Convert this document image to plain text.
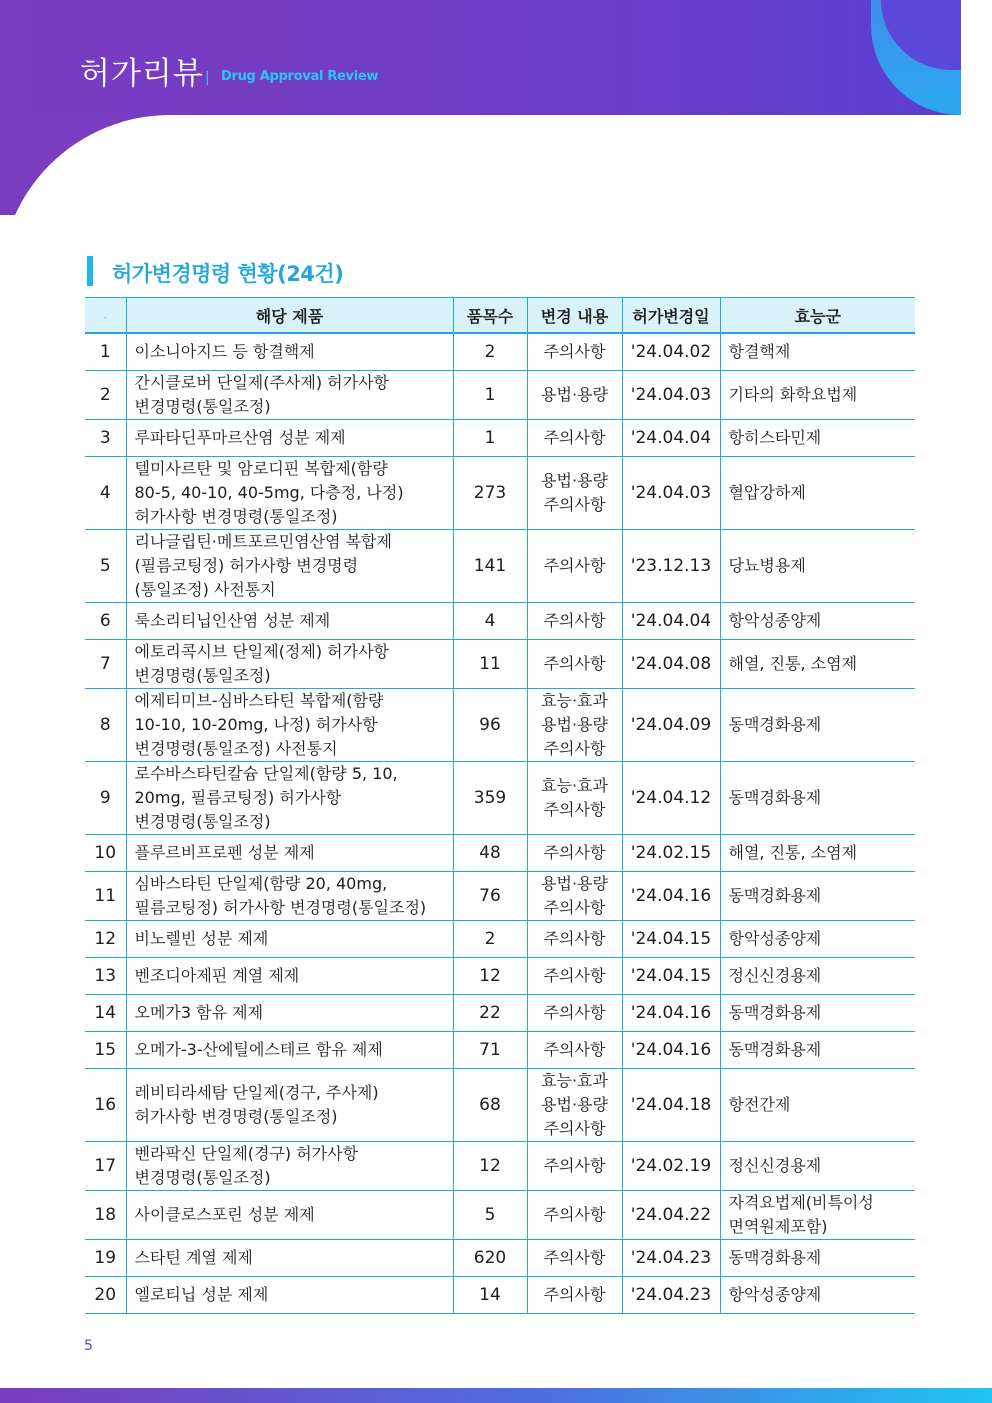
허가리뷰 | Drug Approval Review
허가변경명령 현황(24건)
·	해당 제품	품목수	변경 내용	허가변경일	효능군
1	이소니아지드 등 항결핵제	2	주의사항	'24.04.02	항결핵제

2	간시클로버 단일제(주사제) 허가사항
변경명령(통일조정)	1	용법·용량	'24.04.03	기타의 화학요법제

3	루파타딘푸마르산염 성분 제제	1	주의사항	'24.04.04	항히스타민제

4	텔미사르탄 및 암로디핀 복합제(함량
80-5, 40-10, 40-5mg, 다층정, 나정)
허가사항 변경명령(통일조정)	273	용법·용량
주의사항	'24.04.03	혈압강하제

5	리나글립틴·메트포르민염산염 복합제
(필름코팅정) 허가사항 변경명령
(통일조정) 사전통지	141	주의사항	'23.12.13	당뇨병용제

6	룩소리티닙인산염 성분 제제	4	주의사항	'24.04.04	항악성종양제

7	에토리콕시브 단일제(정제) 허가사항
변경명령(통일조정)	11	주의사항	'24.04.08	해열, 진통, 소염제

8	에제티미브-심바스타틴 복합제(함량
10-10, 10-20mg, 나정) 허가사항
변경명령(통일조정) 사전통지	96	효능·효과
용법·용량
주의사항	'24.04.09	동맥경화용제

9	로수바스타틴칼슘 단일제(함량 5, 10,
20mg, 필름코팅정) 허가사항
변경명령(통일조정)	359	효능·효과
주의사항	'24.04.12	동맥경화용제

10	플루르비프로펜 성분 제제	48	주의사항	'24.02.15	해열, 진통, 소염제

11	심바스타틴 단일제(함량 20, 40mg,
필름코팅정) 허가사항 변경명령(통일조정)	76	용법·용량
주의사항	'24.04.16	동맥경화용제

12	비노렐빈 성분 제제	2	주의사항	'24.04.15	항악성종양제

13	벤조디아제핀 계열 제제	12	주의사항	'24.04.15	정신신경용제

14	오메가3 함유 제제	22	주의사항	'24.04.16	동맥경화용제

15	오메가-3-산에틸에스테르 함유 제제	71	주의사항	'24.04.16	동맥경화용제

16	레비티라세탐 단일제(경구, 주사제)
허가사항 변경명령(통일조정)	68	효능·효과
용법·용량
주의사항	'24.04.18	항전간제

17	벤라팍신 단일제(경구) 허가사항
변경명령(통일조정)	12	주의사항	'24.02.19	정신신경용제

18	사이클로스포린 성분 제제	5	주의사항	'24.04.22	자격요법제(비특이성
면역원제포함)

19	스타틴 계열 제제	620	주의사항	'24.04.23	동맥경화용제

20	엘로티닙 성분 제제	14	주의사항	'24.04.23	항악성종양제
5
